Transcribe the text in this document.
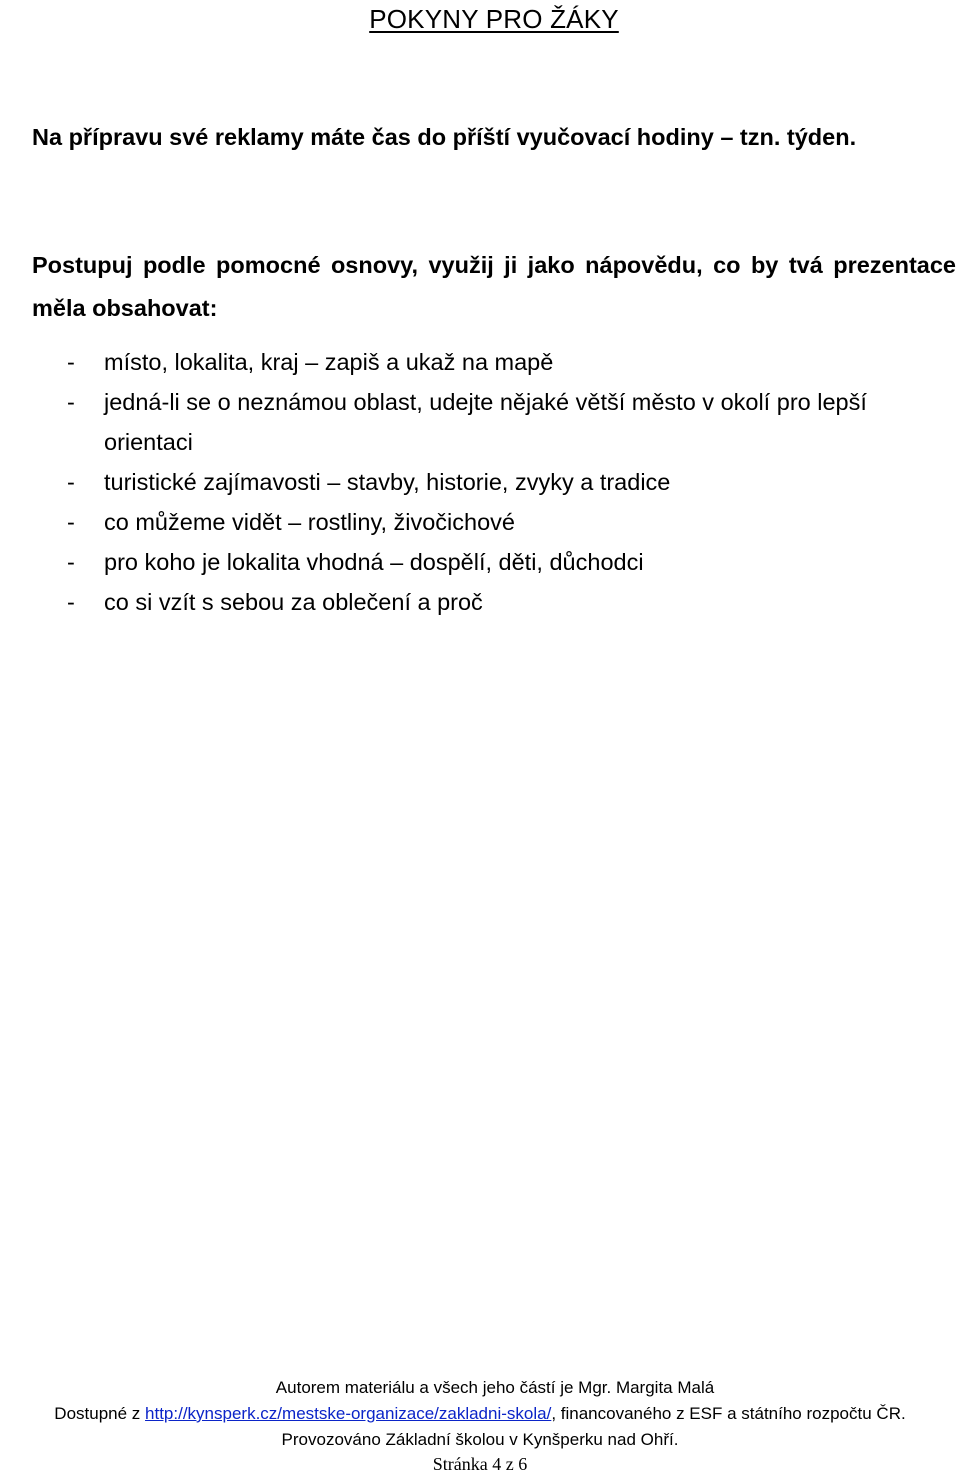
POKYNY PRO ŽÁKY

Na přípravu své reklamy máte čas do příští vyučovací hodiny – tzn. týden.

Postupuj podle pomocné osnovy, využij ji jako nápovědu, co by tvá prezentace měla obsahovat:

- místo, lokalita, kraj – zapiš a ukaž na mapě
- jedná-li se o neznámou oblast, udejte nějaké větší město v okolí pro lepší orientaci
- turistické zajímavosti – stavby, historie, zvyky a tradice
- co můžeme vidět – rostliny, živočichové
- pro koho je lokalita vhodná – dospělí, děti, důchodci
- co si vzít s sebou za oblečení a proč

Autorem materiálu a všech jeho částí je Mgr. Margita Malá

Dostupné z http://kynsperk.cz/mestske-organizace/zakladni-skola/, financovaného z ESF a státního rozpočtu ČR.

Provozováno Základní školou v Kynšperku nad Ohří.

Stránka 4 z 6
